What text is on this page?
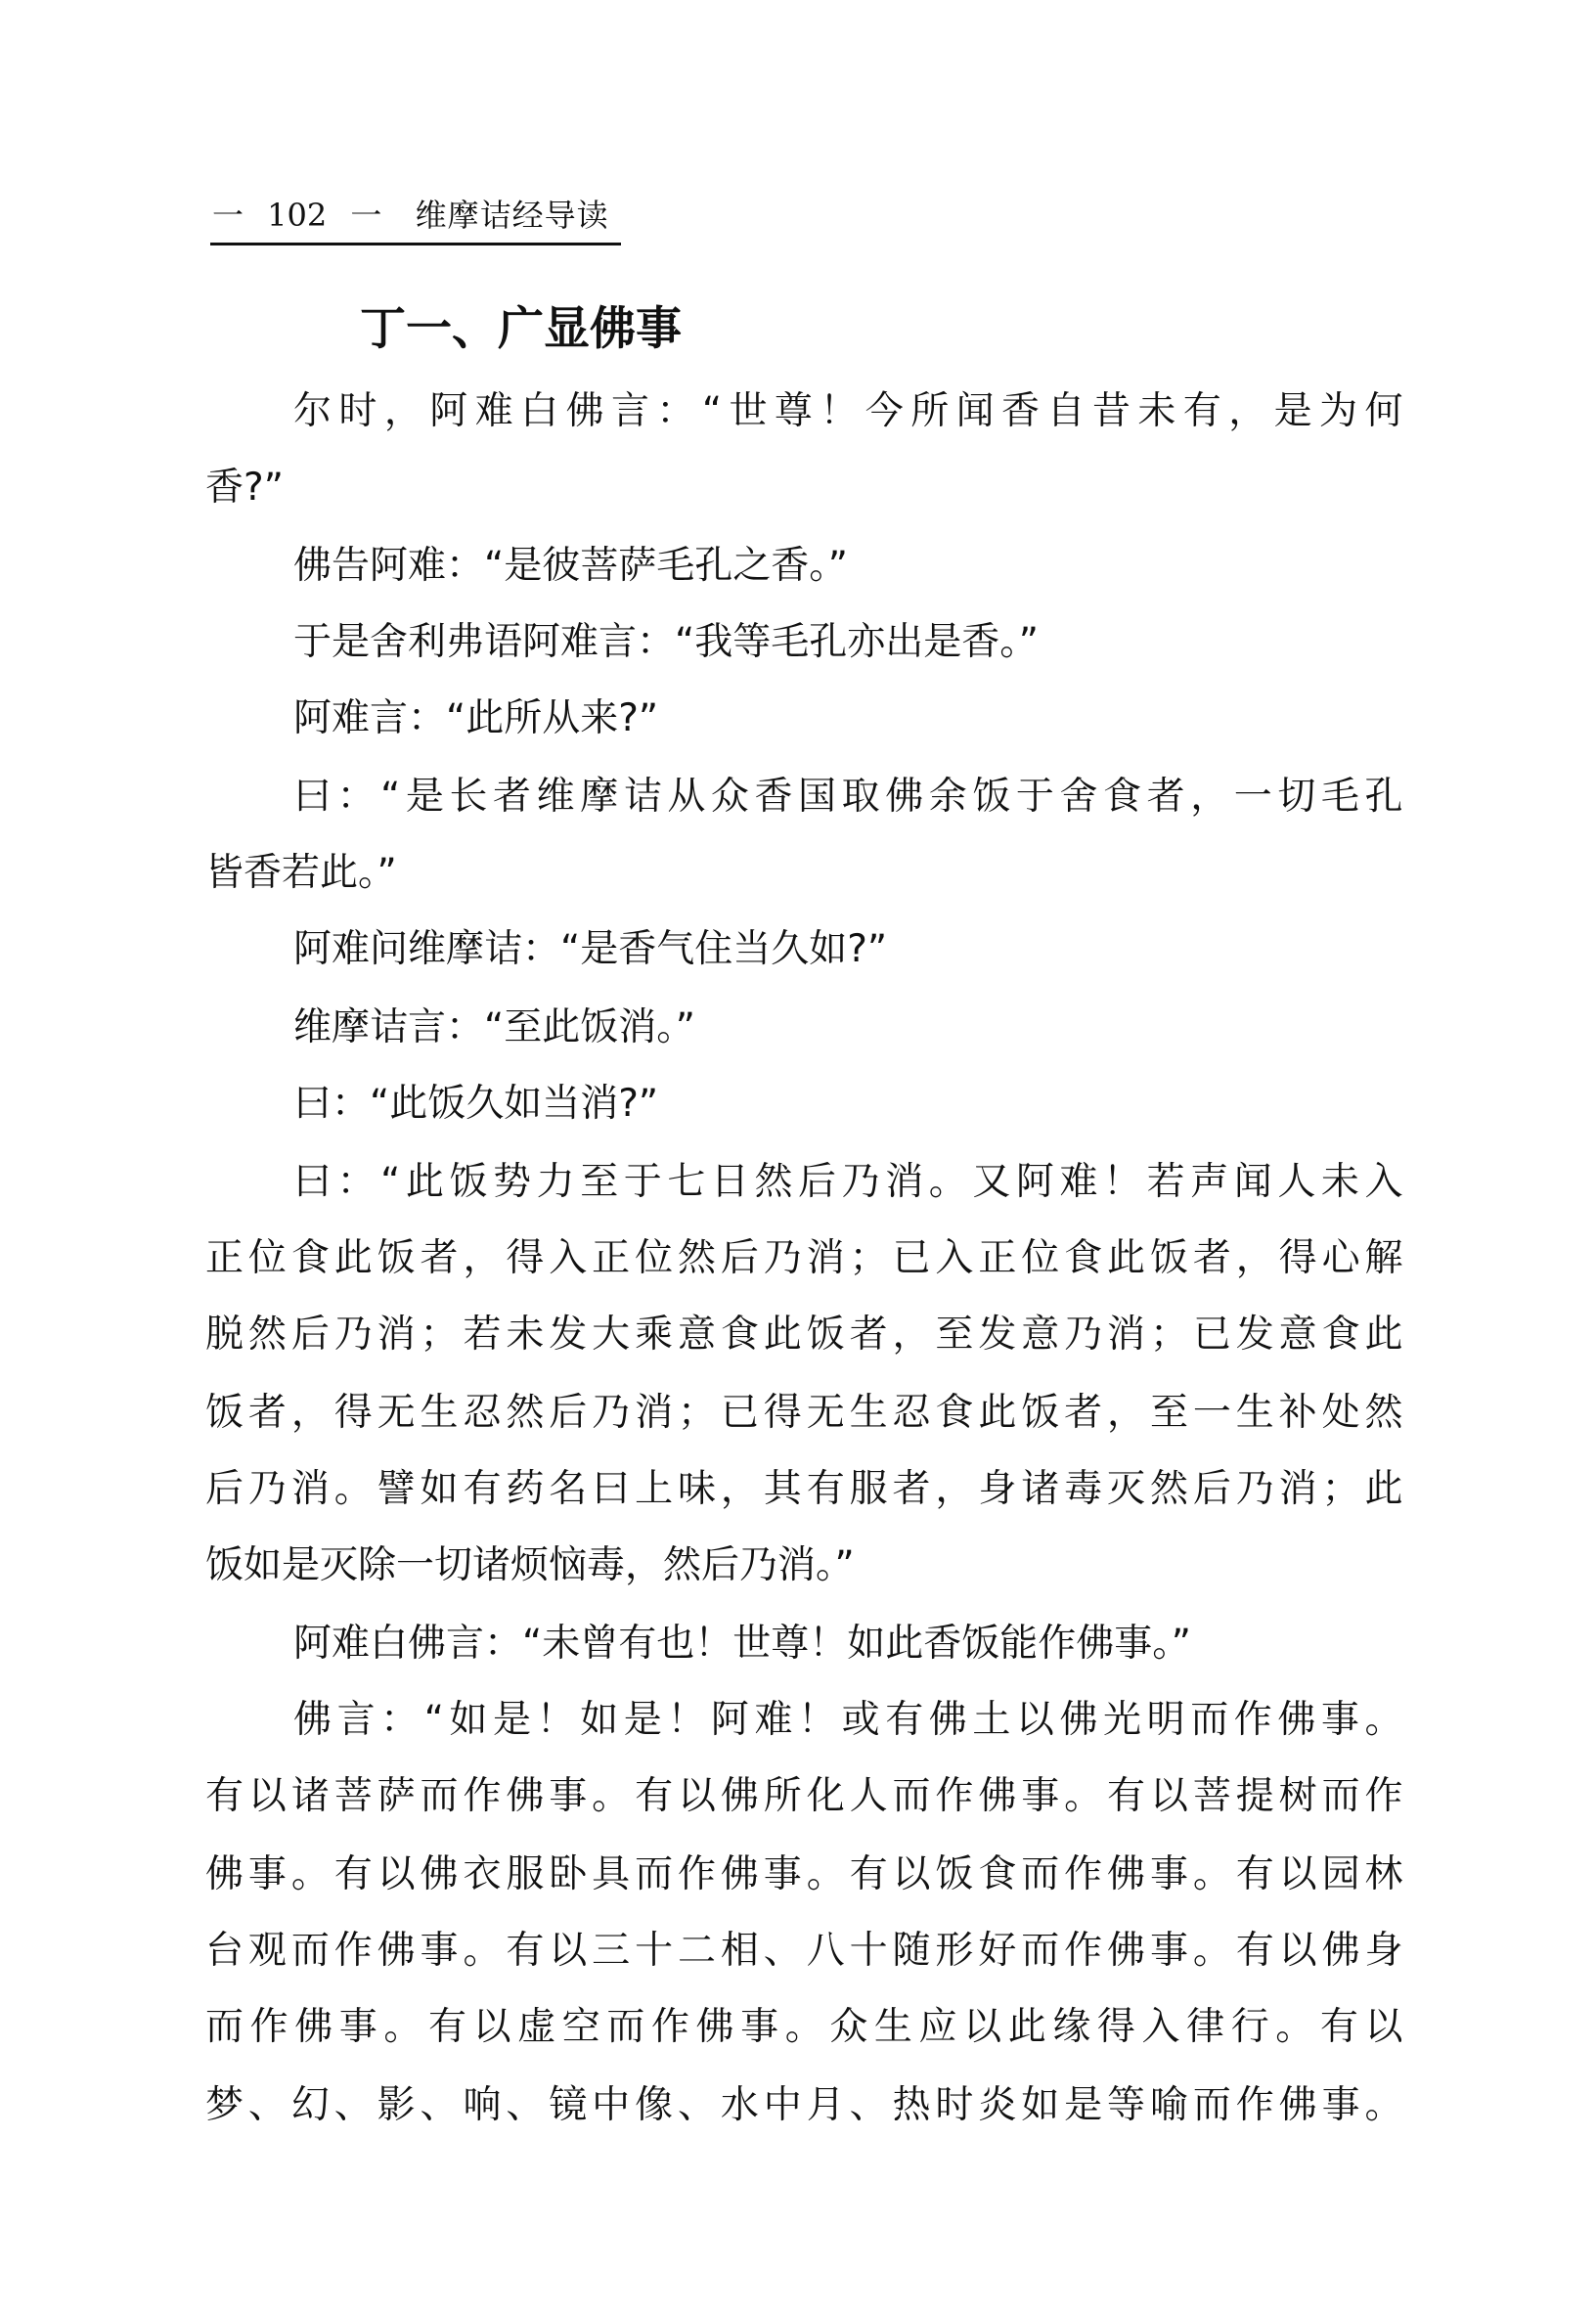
一 102 一 维摩诘经导读
丁一、广显佛事
尔时，阿难白佛言：“世尊！今所闻香自昔未有，是为何
香?”
佛告阿难：“是彼菩萨毛孔之香。”
于是舍利弗语阿难言：“我等毛孔亦出是香。”
阿难言：“此所从来?”
曰：“是长者维摩诘从众香国取佛余饭于舍食者，一切毛孔
皆香若此。”
阿难问维摩诘：“是香气住当久如?”
维摩诘言：“至此饭消。”
曰：“此饭久如当消?”
曰：“此饭势力至于七日然后乃消。又阿难！若声闻人未入
正位食此饭者，得入正位然后乃消；已入正位食此饭者，得心解
脱然后乃消；若未发大乘意食此饭者，至发意乃消；已发意食此
饭者，得无生忍然后乃消；已得无生忍食此饭者，至一生补处然
后乃消。譬如有药名曰上味，其有服者，身诸毒灭然后乃消；此
饭如是灭除一切诸烦恼毒，然后乃消。”
阿难白佛言：“未曾有也！世尊！如此香饭能作佛事。”
佛言：“如是！如是！阿难！或有佛土以佛光明而作佛事。
有以诸菩萨而作佛事。有以佛所化人而作佛事。有以菩提树而作
佛事。有以佛衣服卧具而作佛事。有以饭食而作佛事。有以园林
台观而作佛事。有以三十二相、八十随形好而作佛事。有以佛身
而作佛事。有以虚空而作佛事。众生应以此缘得入律行。有以
梦、幻、影、响、镜中像、水中月、热时炎如是等喻而作佛事。
